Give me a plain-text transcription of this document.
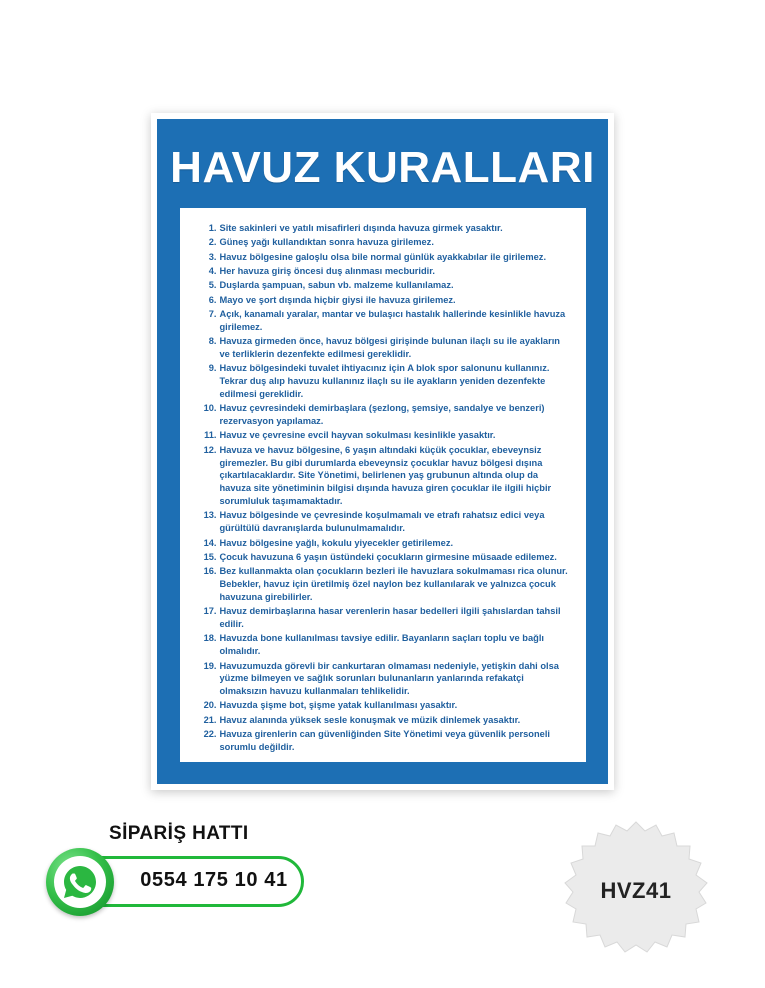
HAVUZ KURALLARI
Site sakinleri ve yatılı misafirleri dışında havuza girmek yasaktır.
Güneş yağı kullandıktan sonra havuza girilemez.
Havuz bölgesine galoşlu olsa bile normal günlük ayakkabılar ile girilemez.
Her havuza giriş öncesi duş alınması mecburidir.
Duşlarda şampuan, sabun vb. malzeme kullanılamaz.
Mayo ve şort dışında hiçbir giysi ile havuza girilemez.
Açık, kanamalı yaralar, mantar ve bulaşıcı hastalık hallerinde kesinlikle havuza girilemez.
Havuza girmeden önce, havuz bölgesi girişinde bulunan ilaçlı su ile ayakların ve terliklerin dezenfekte edilmesi gereklidir.
Havuz bölgesindeki tuvalet ihtiyacınız için A blok spor salonunu kullanınız. Tekrar duş alıp havuzu kullanınız ilaçlı su ile ayakların yeniden dezenfekte edilmesi gereklidir.
Havuz çevresindeki demirbaşlara (şezlong, şemsiye, sandalye ve benzeri) rezervasyon yapılamaz.
Havuz ve çevresine evcil hayvan sokulması kesinlikle yasaktır.
Havuza ve havuz bölgesine, 6 yaşın altındaki küçük çocuklar, ebeveynsiz giremezler. Bu gibi durumlarda ebeveynsiz çocuklar havuz bölgesi dışına çıkartılacaklardır. Site Yönetimi, belirlenen yaş grubunun altında olup da havuza site yönetiminin bilgisi dışında havuza giren çocuklar ile ilgili hiçbir sorumluluk taşımamaktadır.
Havuz bölgesinde ve çevresinde koşulmamalı ve etrafı rahatsız edici veya gürültülü davranışlarda bulunulmamalıdır.
Havuz bölgesine yağlı, kokulu yiyecekler getirilemez.
Çocuk havuzuna 6 yaşın üstündeki çocukların girmesine müsaade edilemez.
Bez kullanmakta olan çocukların bezleri ile havuzlara sokulmaması rica olunur. Bebekler, havuz için üretilmiş özel naylon bez kullanılarak ve yalnızca çocuk havuzuna girebilirler.
Havuz demirbaşlarına hasar verenlerin hasar bedelleri ilgili şahıslardan tahsil edilir.
Havuzda bone kullanılması tavsiye edilir. Bayanların saçları toplu ve bağlı olmalıdır.
Havuzumuzda görevli bir cankurtaran olmaması nedeniyle, yetişkin dahi olsa yüzme bilmeyen ve sağlık sorunları bulunanların yanlarında refakatçi olmaksızın havuzu kullanmaları tehlikelidir.
Havuzda şişme bot, şişme yatak kullanılması yasaktır.
Havuz alanında yüksek sesle konuşmak ve müzik dinlemek yasaktır.
Havuza girenlerin can güvenliğinden Site Yönetimi veya güvenlik personeli sorumlu değildir.
SİPARİŞ HATTI
0554 175 10 41	HVZ41
